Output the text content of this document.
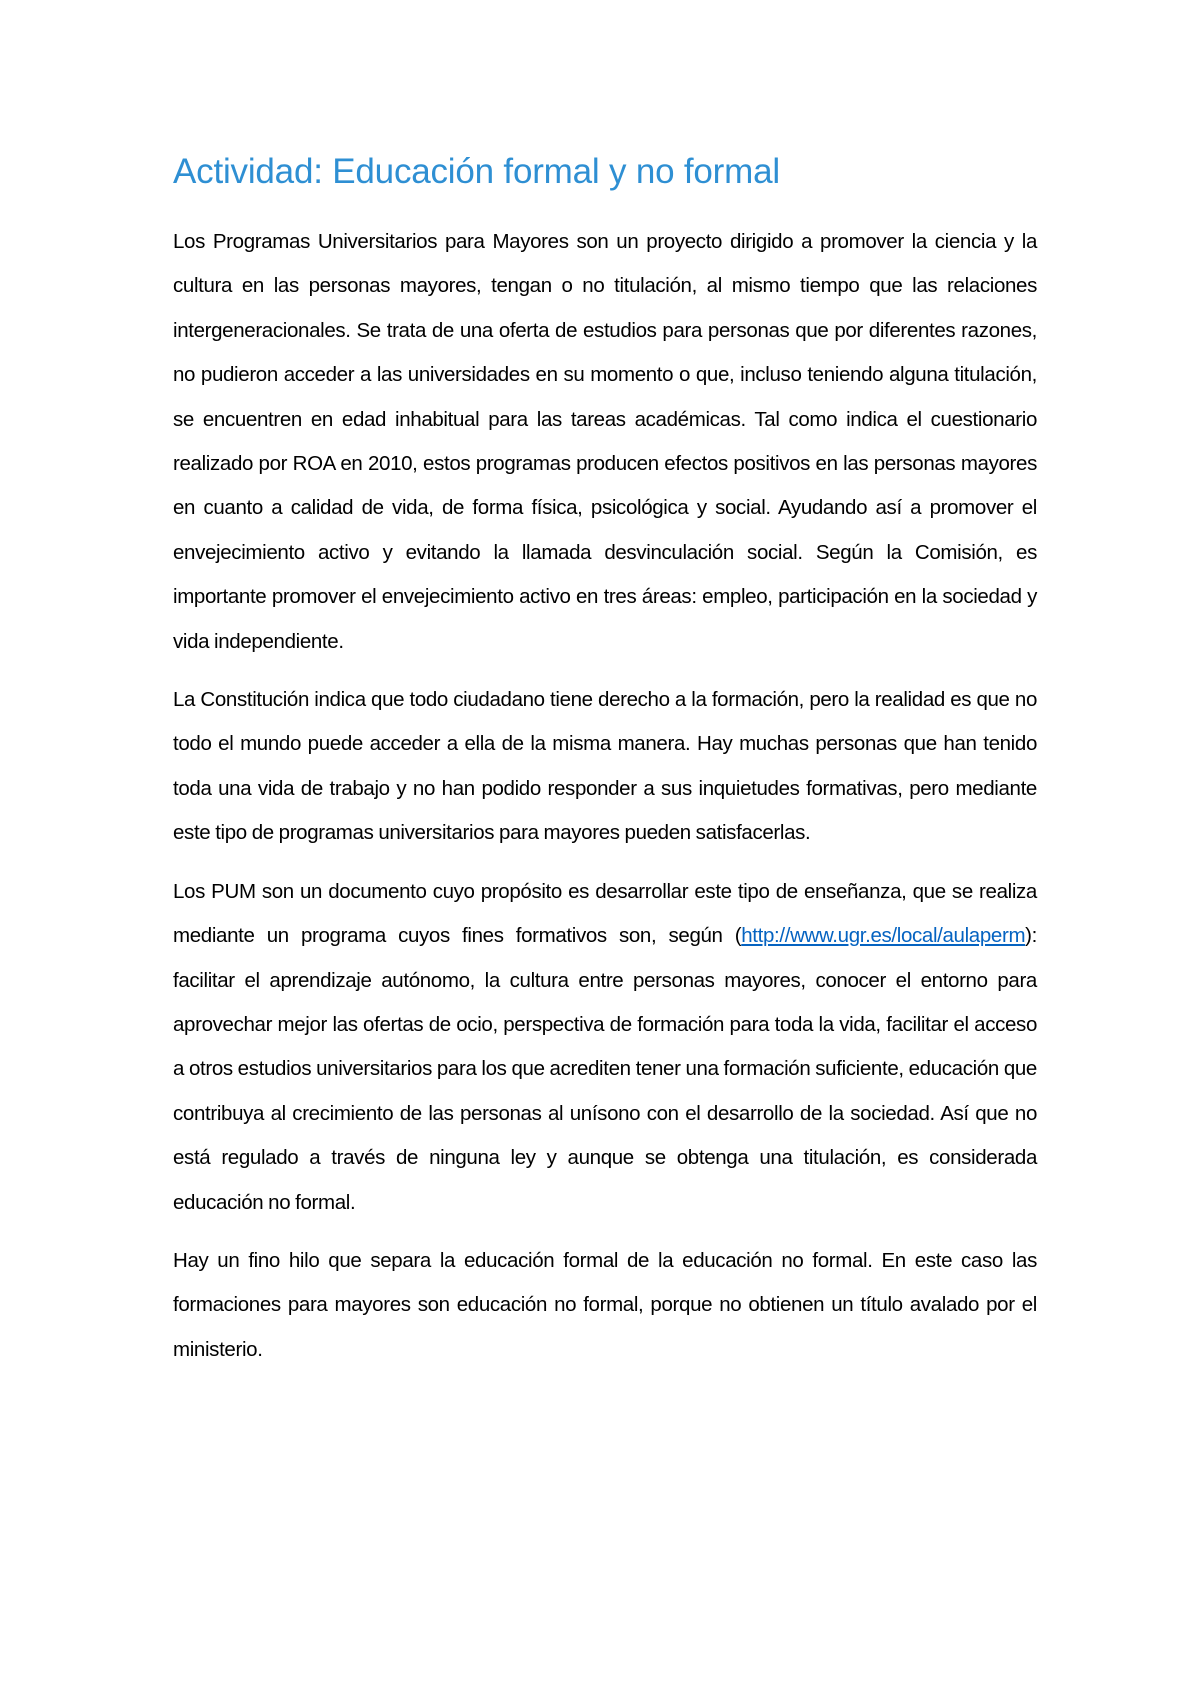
Actividad: Educación formal y no formal

Los Programas Universitarios para Mayores son un proyecto dirigido a promover la ciencia y la cultura en las personas mayores, tengan o no titulación, al mismo tiempo que las relaciones intergeneracionales. Se trata de una oferta de estudios para personas que por diferentes razones, no pudieron acceder a las universidades en su momento o que, incluso teniendo alguna titulación, se encuentren en edad inhabitual para las tareas académicas. Tal como indica el cuestionario realizado por ROA en 2010, estos programas producen efectos positivos en las personas mayores en cuanto a calidad de vida, de forma física, psicológica y social. Ayudando así a promover el envejecimiento activo y evitando la llamada desvinculación social. Según la Comisión, es importante promover el envejecimiento activo en tres áreas: empleo, participación en la sociedad y vida independiente.

La Constitución indica que todo ciudadano tiene derecho a la formación, pero la realidad es que no todo el mundo puede acceder a ella de la misma manera. Hay muchas personas que han tenido toda una vida de trabajo y no han podido responder a sus inquietudes formativas, pero mediante este tipo de programas universitarios para mayores pueden satisfacerlas.

Los PUM son un documento cuyo propósito es desarrollar este tipo de enseñanza, que se realiza mediante un programa cuyos fines formativos son, según (http://www.ugr.es/local/aulaperm): facilitar el aprendizaje autónomo, la cultura entre personas mayores, conocer el entorno para aprovechar mejor las ofertas de ocio, perspectiva de formación para toda la vida, facilitar el acceso a otros estudios universitarios para los que acrediten tener una formación suficiente, educación que contribuya al crecimiento de las personas al unísono con el desarrollo de la sociedad. Así que no está regulado a través de ninguna ley y aunque se obtenga una titulación, es considerada educación no formal.

Hay un fino hilo que separa la educación formal de la educación no formal. En este caso las formaciones para mayores son educación no formal, porque no obtienen un título avalado por el ministerio.
